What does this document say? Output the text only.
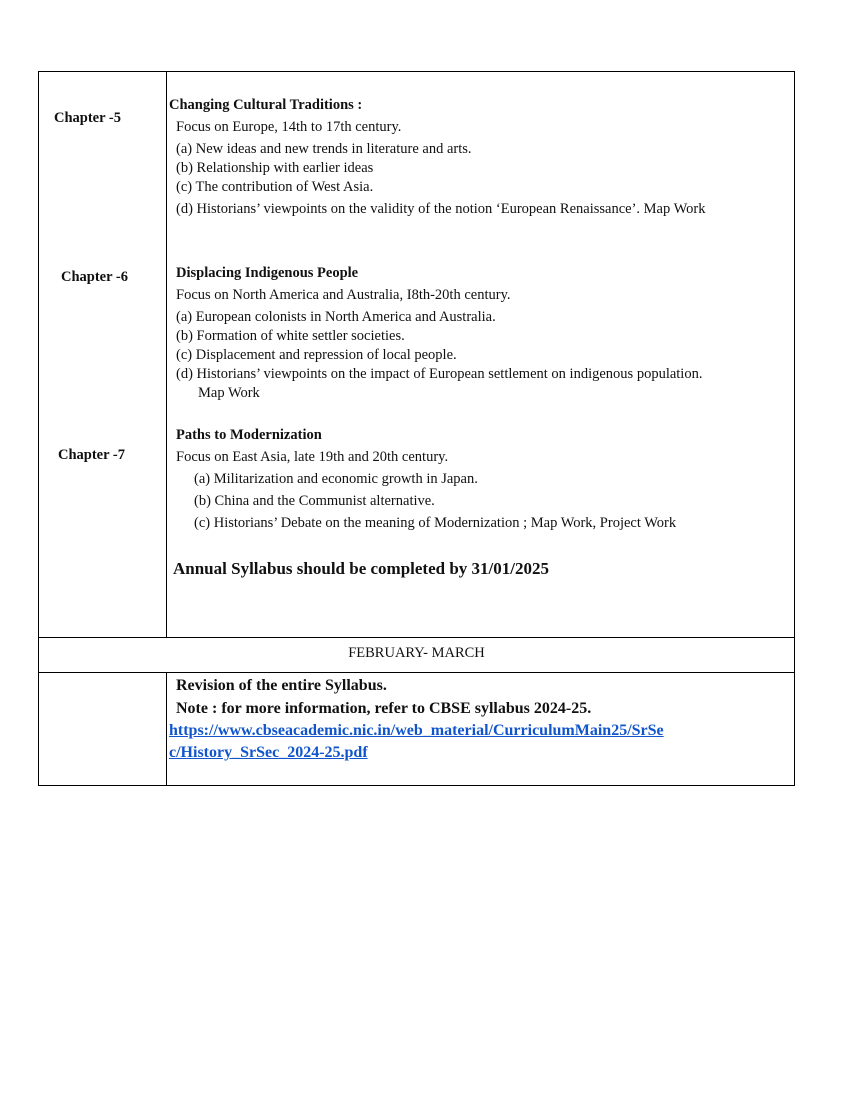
Chapter -5
Changing Cultural Traditions :
Focus on Europe, 14th to 17th century.
(a) New ideas and new trends in literature and arts.
(b) Relationship with earlier ideas
(c) The contribution of West Asia.
(d) Historians’ viewpoints on the validity of the notion ‘European Renaissance’. Map Work
Chapter -6	Displacing Indigenous People
Focus on North America and Australia, I8th-20th century.
(a) European colonists in North America and Australia.
(b) Formation of white settler societies.
(c) Displacement and repression of local people.
(d) Historians’ viewpoints on the impact of European settlement on indigenous population.
Map Work
Chapter -7
Paths to Modernization
Focus on East Asia, late 19th and 20th century.
(a) Militarization and economic growth in Japan.
(b) China and the Communist alternative.
(c) Historians’ Debate on the meaning of Modernization ; Map Work, Project Work
Annual Syllabus should be completed by 31/01/2025
FEBRUARY- MARCH
Revision of the entire Syllabus.
Note : for more information, refer to CBSE syllabus 2024-25.
https://www.cbseacademic.nic.in/web_material/CurriculumMain25/SrSe
c/History_SrSec_2024-25.pdf
